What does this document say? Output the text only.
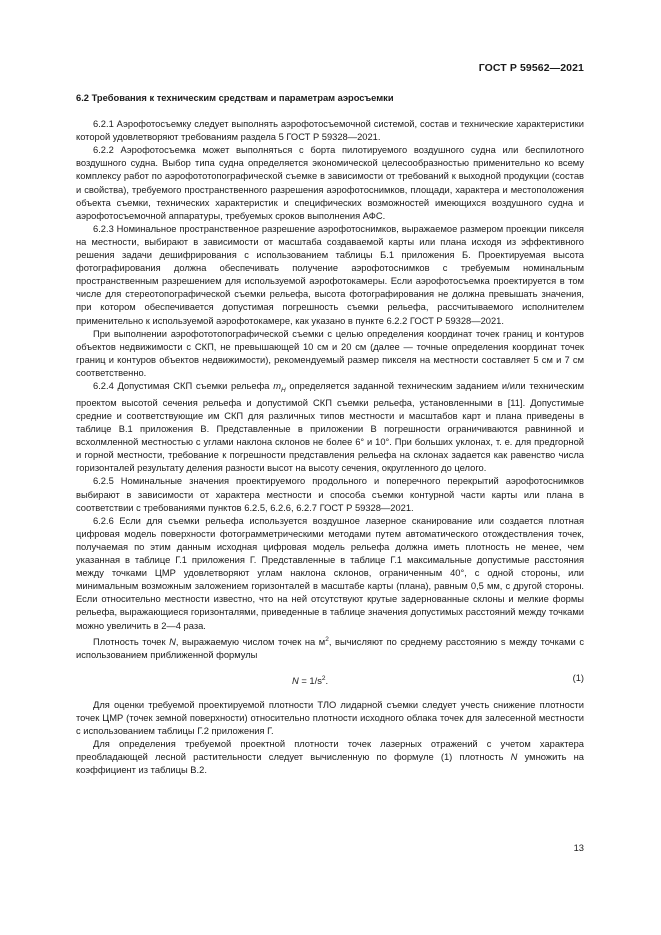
ГОСТ Р 59562—2021
6.2 Требования к техническим средствам и параметрам аэросъемки

6.2.1 Аэрофотосъемку следует выполнять аэрофотосъемочной системой, состав и технические характеристики которой удовлетворяют требованиям раздела 5 ГОСТ Р 59328—2021.

6.2.2 Аэрофотосъемка может выполняться с борта пилотируемого воздушного судна или беспилотного воздушного судна. Выбор типа судна определяется экономической целесообразностью применительно ко всему комплексу работ по аэрофототопографической съемке в зависимости от требований к выходной продукции (состав и свойства), требуемого пространственного разрешения аэрофотоснимков, площади, характера и местоположения объекта съемки, технических характеристик и специфических возможностей имеющихся воздушного судна и аэрофотосъемочной аппаратуры, требуемых сроков выполнения АФС.

6.2.3 Номинальное пространственное разрешение аэрофотоснимков, выражаемое размером проекции пикселя на местности, выбирают в зависимости от масштаба создаваемой карты или плана исходя из эффективного решения задачи дешифрирования с использованием таблицы Б.1 приложения Б. Проектируемая высота фотографирования должна обеспечивать получение аэрофотоснимков с требуемым номинальным пространственным разрешением для используемой аэрофотокамеры. Если аэрофотосъемка проектируется в том числе для стереотопографической съемки рельефа, высота фотографирования не должна превышать значения, при котором обеспечивается допустимая погрешность съемки рельефа, рассчитываемого исполнителем применительно к используемой аэрофотокамере, как указано в пункте 6.2.2 ГОСТ Р 59328—2021.

При выполнении аэрофототопографической съемки с целью определения координат точек границ и контуров объектов недвижимости с СКП, не превышающей 10 см и 20 см (далее — точные определения координат точек границ и контуров объектов недвижимости), рекомендуемый размер пикселя на местности составляет 5 см и 7 см соответственно.

6.2.4 Допустимая СКП съемки рельефа $m_H$ определяется заданной техническим заданием и/или техническим проектом высотой сечения рельефа и допустимой СКП съемки рельефа, установленными в [11]. Допустимые средние и соответствующие им СКП для различных типов местности и масштабов карт и плана приведены в таблице В.1 приложения В. Представленные в приложении В погрешности ограничиваются равнинной и всхолмленной местностью с углами наклона склонов не более 6° и 10°. При больших уклонах, т. е. для предгорной и горной местности, требование к погрешности представления рельефа на склонах задается как равенство числа горизонталей результату деления разности высот на высоту сечения, округленного до целого.

6.2.5 Номинальные значения проектируемого продольного и поперечного перекрытий аэрофотоснимков выбирают в зависимости от характера местности и способа съемки контурной части карты или плана в соответствии с требованиями пунктов 6.2.5, 6.2.6, 6.2.7 ГОСТ Р 59328—2021.

6.2.6 Если для съемки рельефа используется воздушное лазерное сканирование или создается плотная цифровая модель поверхности фотограмметрическими методами путем автоматического отождествления точек, получаемая по этим данным исходная цифровая модель рельефа должна иметь плотность не менее, чем указанная в таблице Г.1 приложения Г. Представленные в таблице Г.1 максимальные допустимые расстояния между точками ЦМР удовлетворяют углам наклона склонов, ограниченным 40°, с одной стороны, или минимальным возможным заложением горизонталей в масштабе карты (плана), равным 0,5 мм, с другой стороны. Если относительно местности известно, что на ней отсутствуют крутые задернованные склоны и мелкие формы рельефа, выражающиеся горизонталями, приведенные в таблице значения допустимых расстояний между точками можно увеличить в 2—4 раза.

Плотность точек N, выражаемую числом точек на $м^2$, вычисляют по среднему расстоянию s между точками с использованием приближенной формулы

$N = 1/s^2$.	(1)

Для оценки требуемой проектируемой плотности ТЛО лидарной съемки следует учесть снижение плотности точек ЦМР (точек земной поверхности) относительно плотности исходного облака точек для залесенной местности с использованием таблицы Г.2 приложения Г.

Для определения требуемой проектной плотности точек лазерных отражений с учетом характера преобладающей лесной растительности следует вычисленную по формуле (1) плотность N умножить на коэффициент из таблицы В.2.

13
